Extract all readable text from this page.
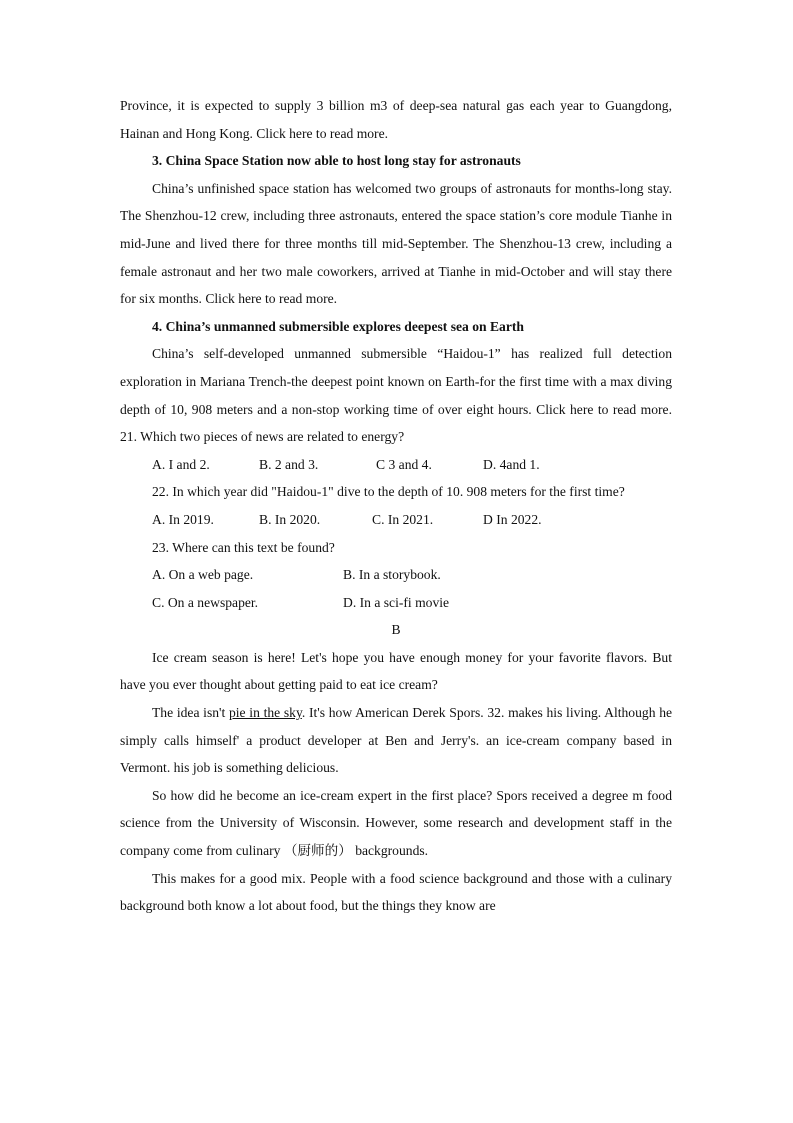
Province, it is expected to supply 3 billion m3 of deep-sea natural gas each year to Guangdong, Hainan and Hong Kong. Click here to read more.

3. China Space Station now able to host long stay for astronauts

China’s unfinished space station has welcomed two groups of astronauts for months-long stay. The Shenzhou-12 crew, including three astronauts, entered the space station’s core module Tianhe in mid-June and lived there for three months till mid-September. The Shenzhou-13 crew, including a female astronaut and her two male coworkers, arrived at Tianhe in mid-October and will stay there for six months. Click here to read more.

4. China’s unmanned submersible explores deepest sea on Earth

China’s self-developed unmanned submersible “Haidou-1” has realized full detection exploration in Mariana Trench-the deepest point known on Earth-for the first time with a max diving depth of 10, 908 meters and a non-stop working time of over eight hours. Click here to read more. 21. Which two pieces of news are related to energy?

A. I and 2.	B. 2 and 3.	C 3 and 4.	D. 4and 1.

22. In which year did "Haidou-1" dive to the depth of 10. 908 meters for the first time?

A. In 2019.	B. In 2020.	C. In 2021.	D In 2022.

23. Where can this text be found?

A. On a web page.	B. In a storybook.
C. On a newspaper.	D. In a sci-fi movie

B

Ice cream season is here! Let's hope you have enough money for your favorite flavors. But have you ever thought about getting paid to eat ice cream?

The idea isn't pie in the sky. It's how American Derek Spors. 32. makes his living. Although he simply calls himself' a product developer at Ben and Jerry's. an ice-cream company based in Vermont. his job is something delicious.

So how did he become an ice-cream expert in the first place? Spors received a degree m food science from the University of Wisconsin. However, some research and development staff in the company come from culinary （厨师的） backgrounds.

This makes for a good mix. People with a food science background and those with a culinary background both know a lot about food, but the things they know are
